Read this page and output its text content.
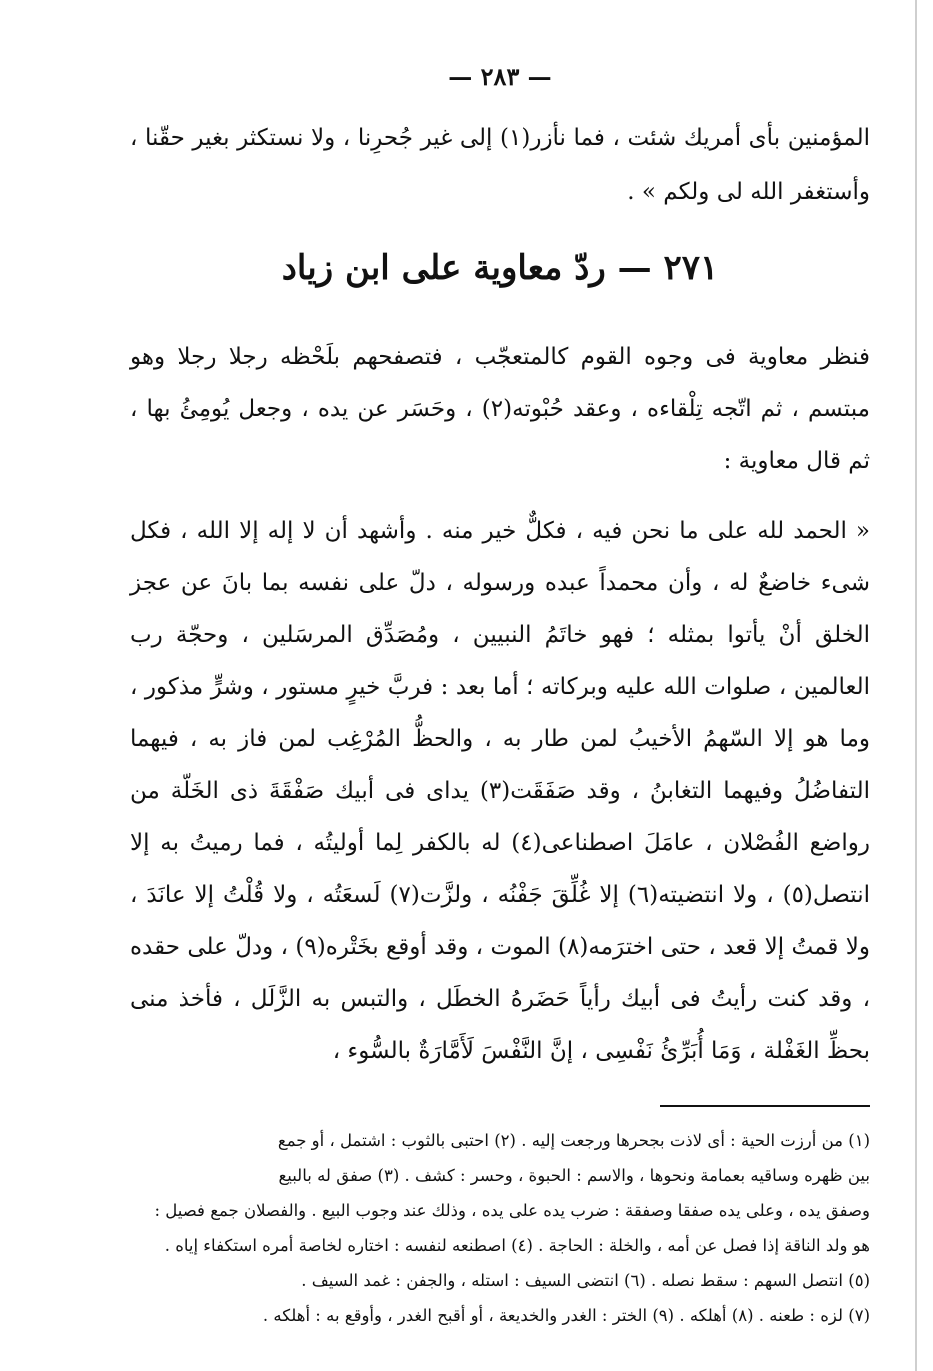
— ٢٨٣ —
المؤمنين بأى أمريك شئت ، فما نأزر(١) إلى غير جُحرِنا ، ولا نستكثر بغير حقّنا ، وأستغفر الله لى ولكم » .
٢٧١ — ردّ معاوية على ابن زياد
فنظر معاوية فى وجوه القوم كالمتعجّب ، فتصفحهم بلَحْظه رجلا رجلا وهو مبتسم ، ثم اتّجه تِلْقاءه ، وعقد حُبْوته(٢) ، وحَسَر عن يده ، وجعل يُومِئُ بها ، ثم قال معاوية :
« الحمد لله على ما نحن فيه ، فكلٌّ خير منه . وأشهد أن لا إله إلا الله ، فكل شىء خاضعٌ له ، وأن محمداً عبده ورسوله ، دلّ على نفسه بما بانَ عن عجز الخلق أنْ يأتوا بمثله ؛ فهو خاتَمُ النبيين ، ومُصَدِّق المرسَلين ، وحجّة رب العالمين ، صلوات الله عليه وبركاته ؛ أما بعد : فربَّ خيرٍ مستور ، وشرٍّ مذكور ، وما هو إلا السّهمُ الأخيبُ لمن طار به ، والحظُّ المُرْغِب لمن فاز به ، فيهما التفاضُلُ وفيهما التغابنُ ، وقد صَفَقَت(٣) يداى فى أبيك صَفْقَةَ ذى الخَلّة من رواضع الفُصْلان ، عامَلَ اصطناعى(٤) له بالكفر لِما أوليتُه ، فما رميتُ به إلا انتصل(٥) ، ولا انتضيته(٦) إلا غُلِّقَ جَفْنُه ، ولزَّت(٧) لَسعَتُه ، ولا قُلْتُ إلا عانَدَ ، ولا قمتُ إلا قعد ، حتى اخترَمه(٨) الموت ، وقد أوقع بخَتْره(٩) ، ودلّ على حقده ، وقد كنت رأيتُ فى أبيك رأياً حَضَرهُ الخطَل ، والتبس به الزَّلَل ، فأخذ منى بحظِّ الغَفْلة ، وَمَا أُبَرِّئُ نَفْسِى ، إنَّ النَّفْسَ لَأَمَّارَةٌ بالسُّوء ،
(١) من أرزت الحية : أى لاذت بجحرها ورجعت إليه . (٢) احتبى بالثوب : اشتمل ، أو جمع
بين ظهره وساقيه بعمامة ونحوها ، والاسم : الحبوة ، وحسر : كشف . (٣) صفق له بالبيع
وصفق يده ، وعلى يده صفقا وصفقة : ضرب يده على يده ، وذلك عند وجوب البيع . والفصلان جمع فصيل :
هو ولد الناقة إذا فصل عن أمه ، والخلة : الحاجة . (٤) اصطنعه لنفسه : اختاره لخاصة أمره استكفاء إياه .
(٥) انتصل السهم : سقط نصله . (٦) انتضى السيف : استله ، والجفن : غمد السيف .
(٧) لزه : طعنه . (٨) أهلكه . (٩) الختر : الغدر والخديعة ، أو أقبح الغدر ، وأوقع به : أهلكه .
